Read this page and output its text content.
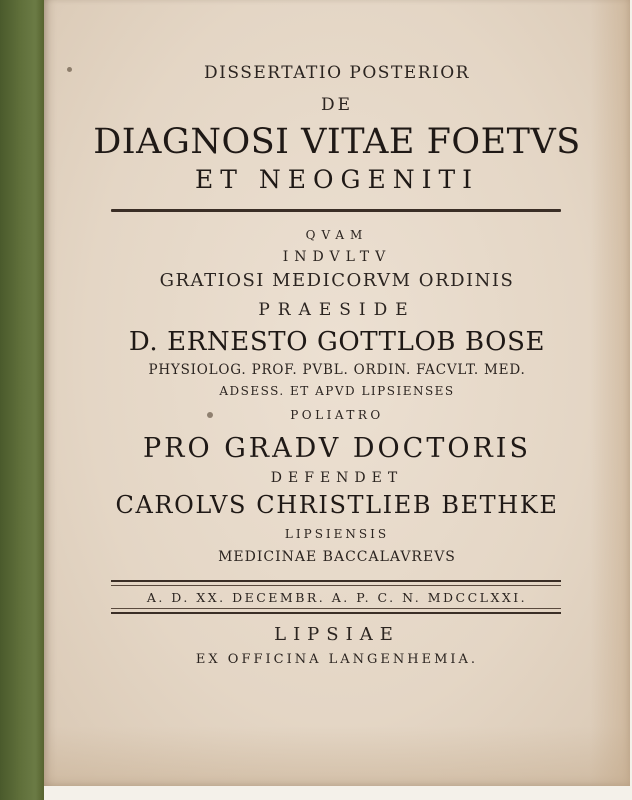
DISSERTATIO POSTERIOR
DE
DIAGNOSI VITAE FOETVS
ET NEOGENITI
QVAM
INDVLTV
GRATIOSI MEDICORVM ORDINIS
PRAESIDE
D. ERNESTO GOTTLOB BOSE
PHYSIOLOG. PROF. PVBL. ORDIN. FACVLT. MED.
ADSESS. ET APVD LIPSIENSES
POLIATRO
PRO GRADV DOCTORIS
DEFENDET
CAROLVS CHRISTLIEB BETHKE
LIPSIENSIS
MEDICINAE BACCALAVREVS
A. D. XX. DECEMBR. A. P. C. N. MDCCLXXI.
LIPSIAE
EX OFFICINA LANGENHEMIA.
